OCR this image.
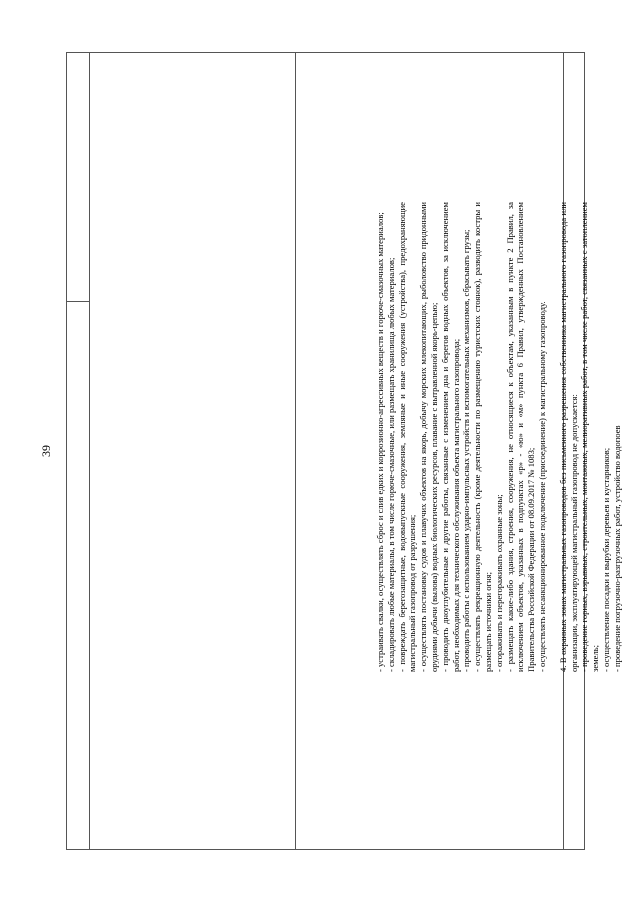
39	- устраивать свалки, осуществлять сброс и слив едких и коррозионно-агрессивных веществ и горюче-смазочных материалов; - складировать любые материалы, в том числе горюче-смазочные, или размещать хранилища любых материалов; - повреждать берегозащитные, водовыпускные сооружения, земляные и иные сооружения (устройства), предохраняющие магистральный газопровод от разрушения; - осуществлять постановку судов и плавучих объектов на якорь, добычу морских млекопитающих, рыболовство придонными орудиями добычи (вылова) водных биологических ресурсов, плавание с вытравленной якорь-цепью; - проводить дноуглубительные и другие работы, связанные с изменением дна и берегов водных объектов, за исключением работ, необходимых для технического обслуживания объекта магистрального газопровода; - проводить работы с использованием ударно-импульсных устройств и вспомогательных механизмов, сбрасывать грузы; - осуществлять рекреационную деятельность (кроме деятельности по размещению туристских стоянок), разводить костры и размещать источники огня; - огораживать и перегораживать охранные зоны; - размещать какие-либо здания, строения, сооружения, не относящиеся к объектам, указанным в пункте 2 Правил, за исключением объектов, указанных в подпунктах «р» - «ю» и «м» пункта 6 Правил, утвержденных Постановлением Правительства Российской Федерации от 08.09.2017 № 1083; - осуществлять несанкционированное подключение (присоединение) к магистральному газопроводу. 4. В охранных зонах магистральных газопроводов без письменного разрешения собственника магистрального газопровода или организации, эксплуатирующей магистральный газопровод не допускается: - проведение горных, взрывных, строительных, монтажных, мелиоративных работ, в том числе работ, связанных с затоплением земель; - осуществление посадки и вырубки деревьев и кустарников; - проведение погрузочно-разгрузочных работ, устройство водопоев
